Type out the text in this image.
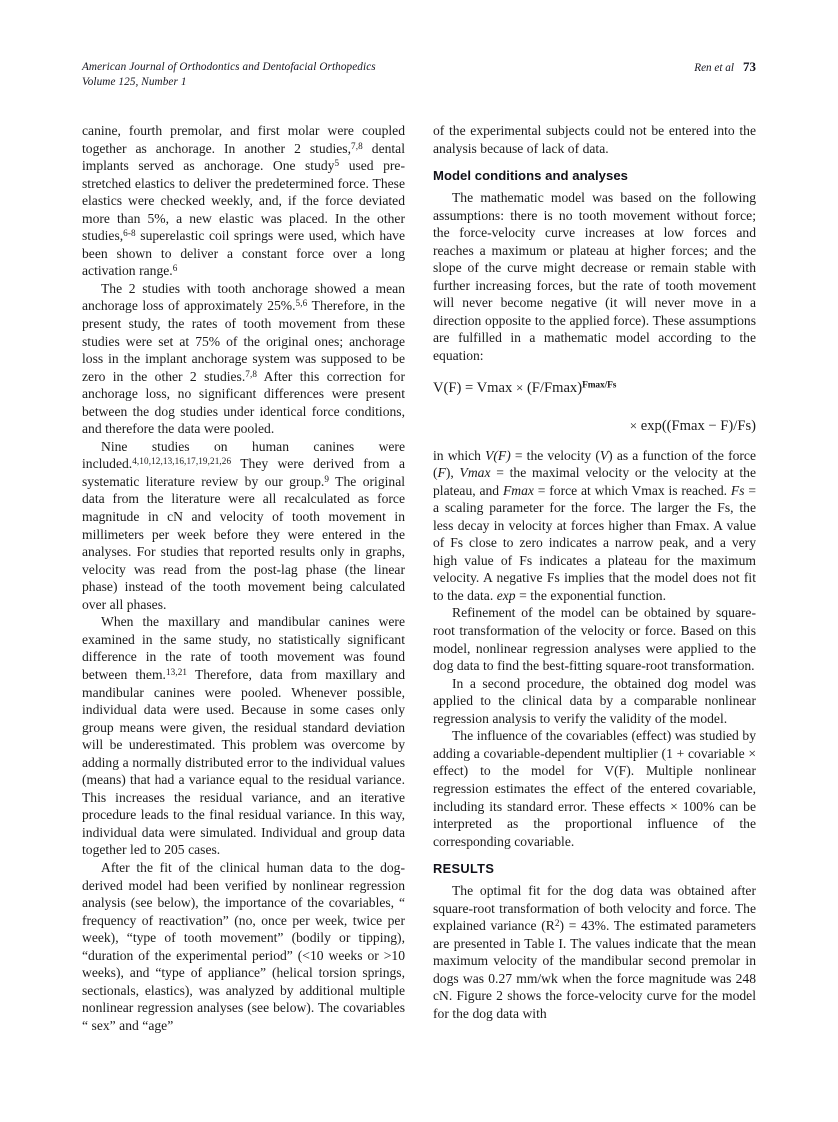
American Journal of Orthodontics and Dentofacial Orthopedics
Volume 125, Number 1
Ren et al 73

canine, fourth premolar, and first molar were coupled together as anchorage. In another 2 studies,$^{7,8}$ dental implants served as anchorage. One study$^5$ used pre-stretched elastics to deliver the predetermined force. These elastics were checked weekly, and, if the force deviated more than 5%, a new elastic was placed. In the other studies,$^{6-8}$ superelastic coil springs were used, which have been shown to deliver a constant force over a long activation range.$^6$

The 2 studies with tooth anchorage showed a mean anchorage loss of approximately 25%.$^{5,6}$ Therefore, in the present study, the rates of tooth movement from these studies were set at 75% of the original ones; anchorage loss in the implant anchorage system was supposed to be zero in the other 2 studies.$^{7,8}$ After this correction for anchorage loss, no significant differences were present between the dog studies under identical force conditions, and therefore the data were pooled.

Nine studies on human canines were included.$^{4,10,12,13,16,17,19,21,26}$ They were derived from a systematic literature review by our group.$^9$ The original data from the literature were all recalculated as force magnitude in cN and velocity of tooth movement in millimeters per week before they were entered in the analyses. For studies that reported results only in graphs, velocity was read from the post-lag phase (the linear phase) instead of the tooth movement being calculated over all phases.

When the maxillary and mandibular canines were examined in the same study, no statistically significant difference in the rate of tooth movement was found between them.$^{13,21}$ Therefore, data from maxillary and mandibular canines were pooled. Whenever possible, individual data were used. Because in some cases only group means were given, the residual standard deviation will be underestimated. This problem was overcome by adding a normally distributed error to the individual values (means) that had a variance equal to the residual variance. This increases the residual variance, and an iterative procedure leads to the final residual variance. In this way, individual data were simulated. Individual and group data together led to 205 cases.

After the fit of the clinical human data to the dog-derived model had been verified by nonlinear regression analysis (see below), the importance of the covariables, “ frequency of reactivation” (no, once per week, twice per week), “type of tooth movement” (bodily or tipping), “duration of the experimental period” (<10 weeks or >10 weeks), and “type of appliance” (helical torsion springs, sectionals, elastics), was analyzed by additional multiple nonlinear regression analyses (see below). The covariables “ sex” and “age”

of the experimental subjects could not be entered into the analysis because of lack of data.

Model conditions and analyses

The mathematic model was based on the following assumptions: there is no tooth movement without force; the force-velocity curve increases at low forces and reaches a maximum or plateau at higher forces; and the slope of the curve might decrease or remain stable with further increasing forces, but the rate of tooth movement will never become negative (it will never move in a direction opposite to the applied force). These assumptions are fulfilled in a mathematic model according to the equation:

$V(F) = Vmax \times (F/Fmax)^{Fmax/Fs}$
× exp((Fmax − F)/Fs)

in which V(F) = the velocity (V) as a function of the force (F), Vmax = the maximal velocity or the velocity at the plateau, and Fmax = force at which Vmax is reached. Fs = a scaling parameter for the force. The larger the Fs, the less decay in velocity at forces higher than Fmax. A value of Fs close to zero indicates a narrow peak, and a very high value of Fs indicates a plateau for the maximum velocity. A negative Fs implies that the model does not fit to the data. exp = the exponential function.

Refinement of the model can be obtained by square-root transformation of the velocity or force. Based on this model, nonlinear regression analyses were applied to the dog data to find the best-fitting square-root transformation.

In a second procedure, the obtained dog model was applied to the clinical data by a comparable nonlinear regression analysis to verify the validity of the model.

The influence of the covariables (effect) was studied by adding a covariable-dependent multiplier (1 + covariable × effect) to the model for V(F). Multiple nonlinear regression estimates the effect of the entered covariable, including its standard error. These effects × 100% can be interpreted as the proportional influence of the corresponding covariable.

RESULTS

The optimal fit for the dog data was obtained after square-root transformation of both velocity and force. The explained variance (R$^2$) = 43%. The estimated parameters are presented in Table I. The values indicate that the mean maximum velocity of the mandibular second premolar in dogs was 0.27 mm/wk when the force magnitude was 248 cN. Figure 2 shows the force-velocity curve for the model for the dog data with
